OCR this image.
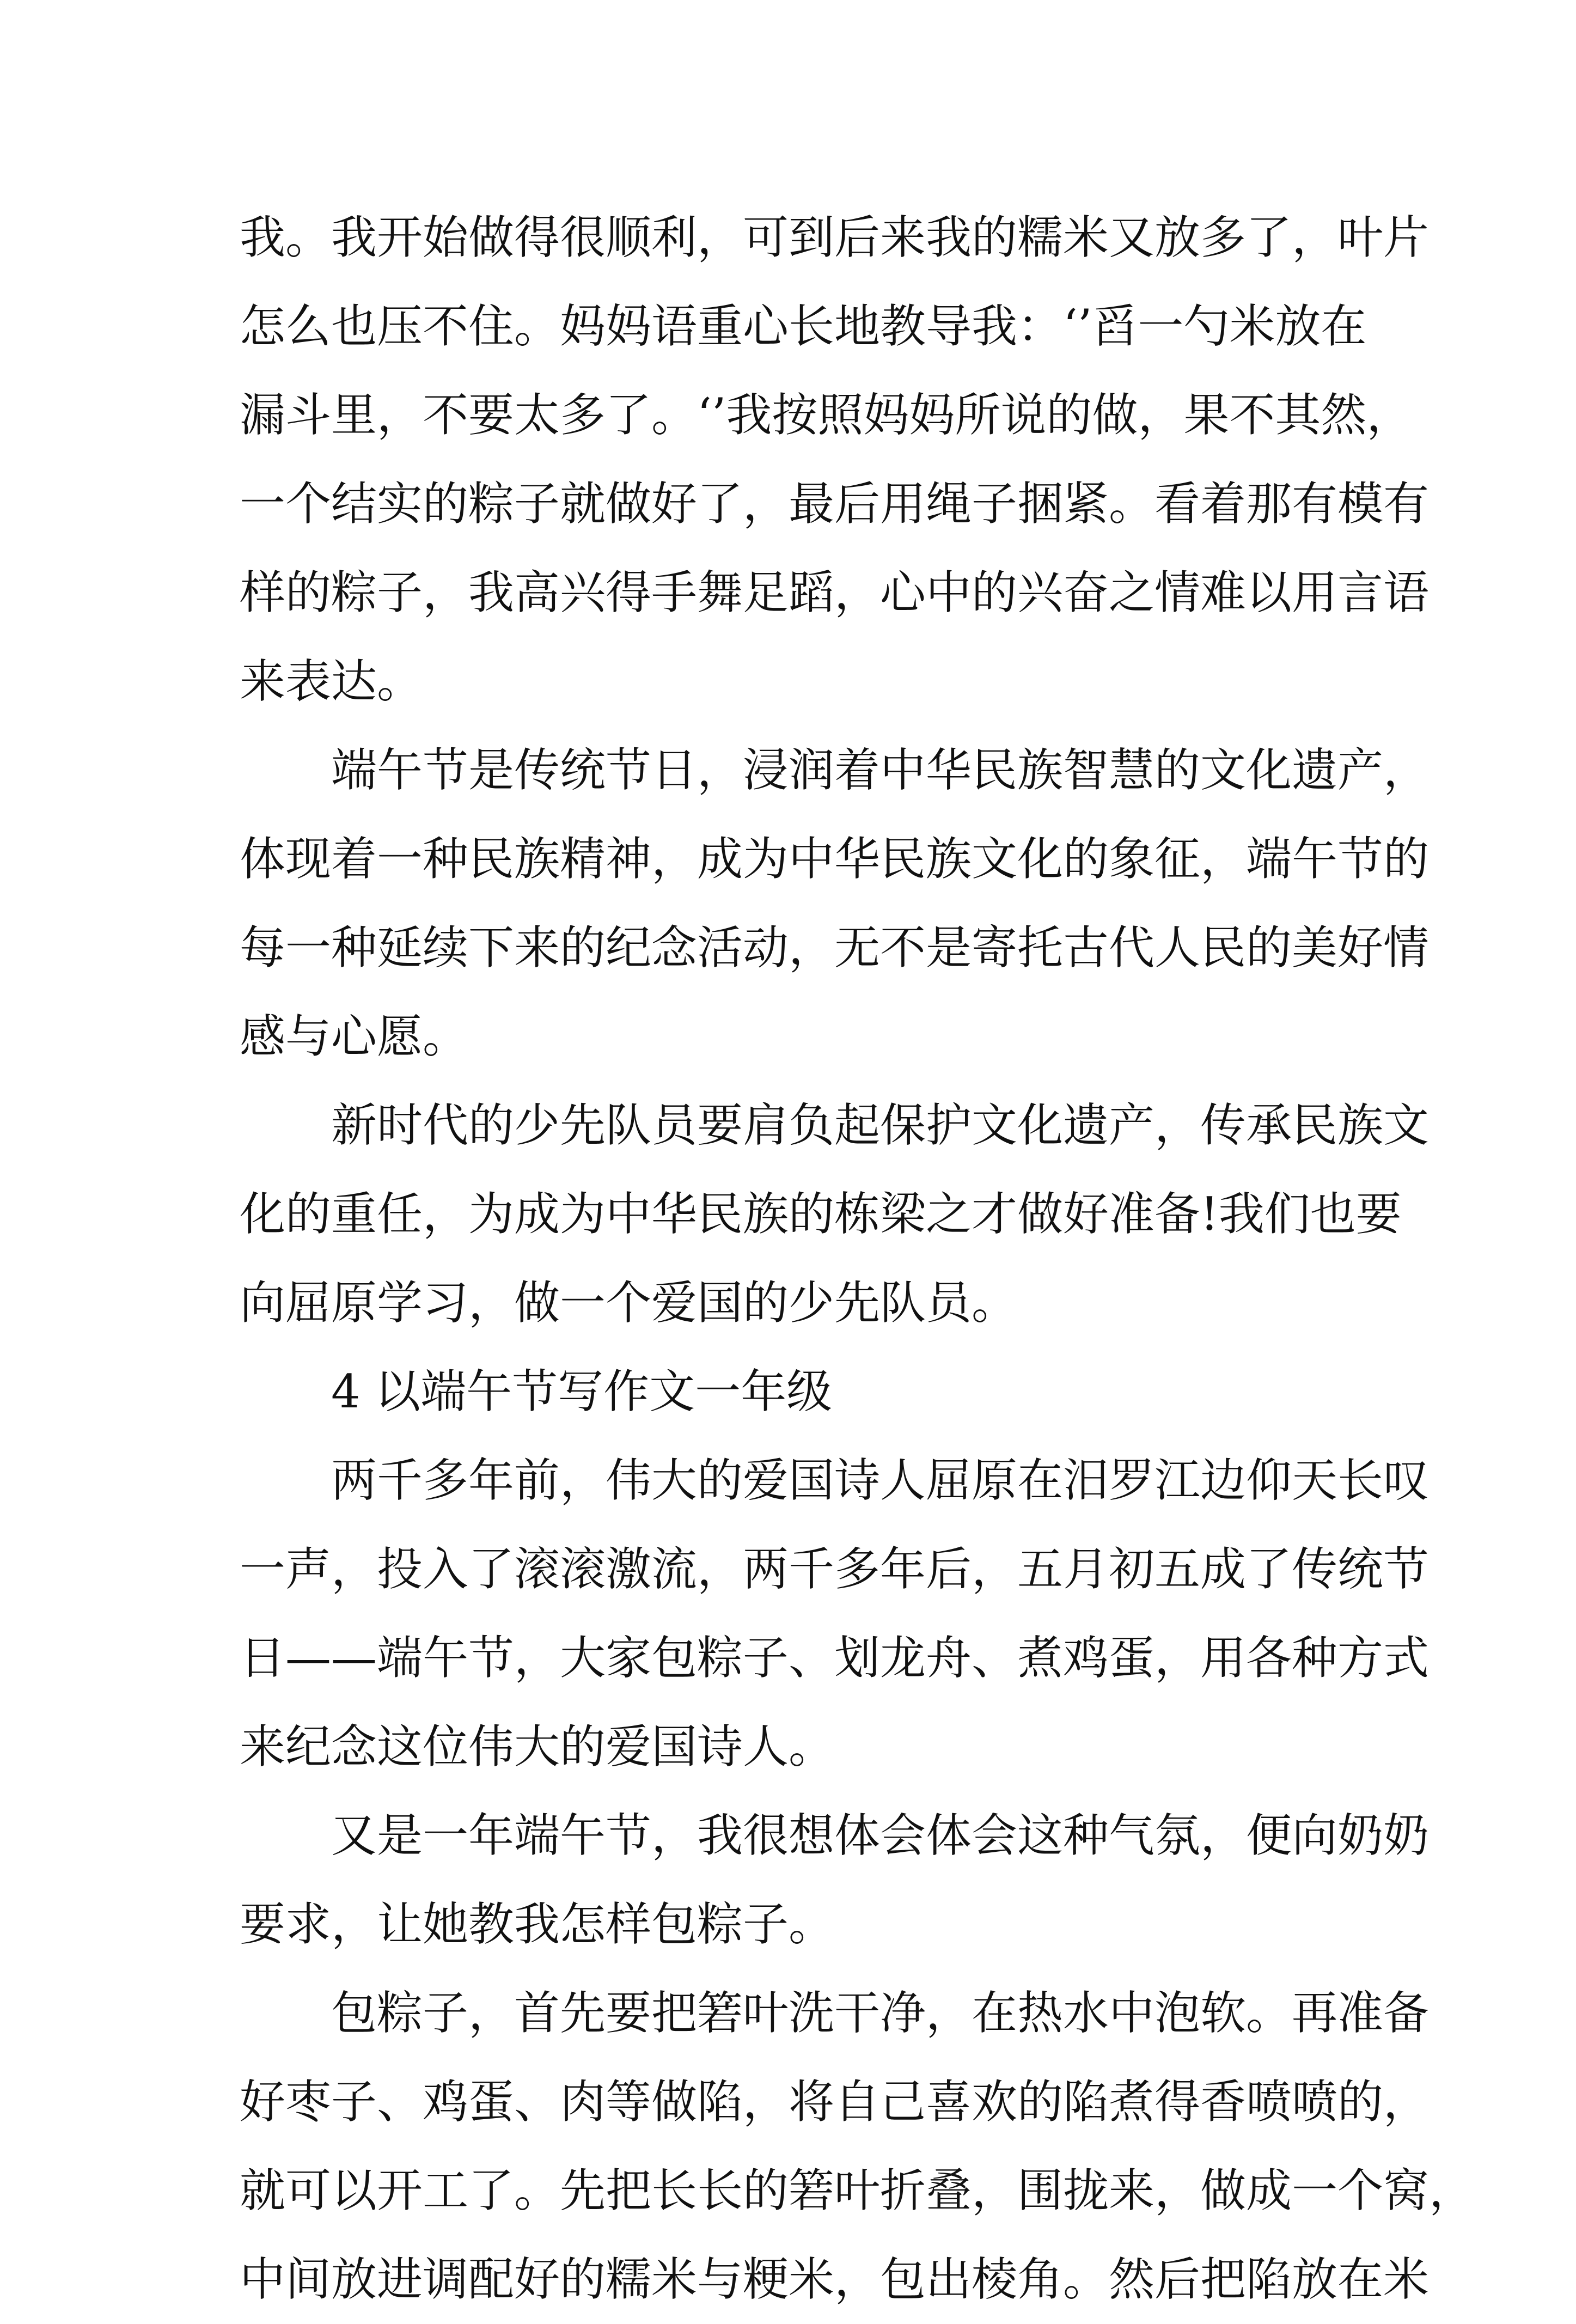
我。我开始做得很顺利，可到后来我的糯米又放多了，叶片
怎么也压不住。妈妈语重心长地教导我：‘’舀一勺米放在
漏斗里，不要太多了。‘’我按照妈妈所说的做，果不其然，
一个结实的粽子就做好了，最后用绳子捆紧。看着那有模有
样的粽子，我高兴得手舞足蹈，心中的兴奋之情难以用言语
来表达。
端午节是传统节日，浸润着中华民族智慧的文化遗产，
体现着一种民族精神，成为中华民族文化的象征，端午节的
每一种延续下来的纪念活动，无不是寄托古代人民的美好情
感与心愿。
新时代的少先队员要肩负起保护文化遗产，传承民族文
化的重任，为成为中华民族的栋梁之才做好准备!我们也要
向屈原学习，做一个爱国的少先队员。
4 以端午节写作文一年级
两千多年前，伟大的爱国诗人屈原在汨罗江边仰天长叹
一声，投入了滚滚激流，两千多年后，五月初五成了传统节
日——端午节，大家包粽子、划龙舟、煮鸡蛋，用各种方式
来纪念这位伟大的爱国诗人。
又是一年端午节，我很想体会体会这种气氛，便向奶奶
要求，让她教我怎样包粽子。
包粽子，首先要把箬叶洗干净，在热水中泡软。再准备
好枣子、鸡蛋、肉等做陷，将自己喜欢的陷煮得香喷喷的，
就可以开工了。先把长长的箬叶折叠，围拢来，做成一个窝，
中间放进调配好的糯米与粳米，包出棱角。然后把陷放在米
